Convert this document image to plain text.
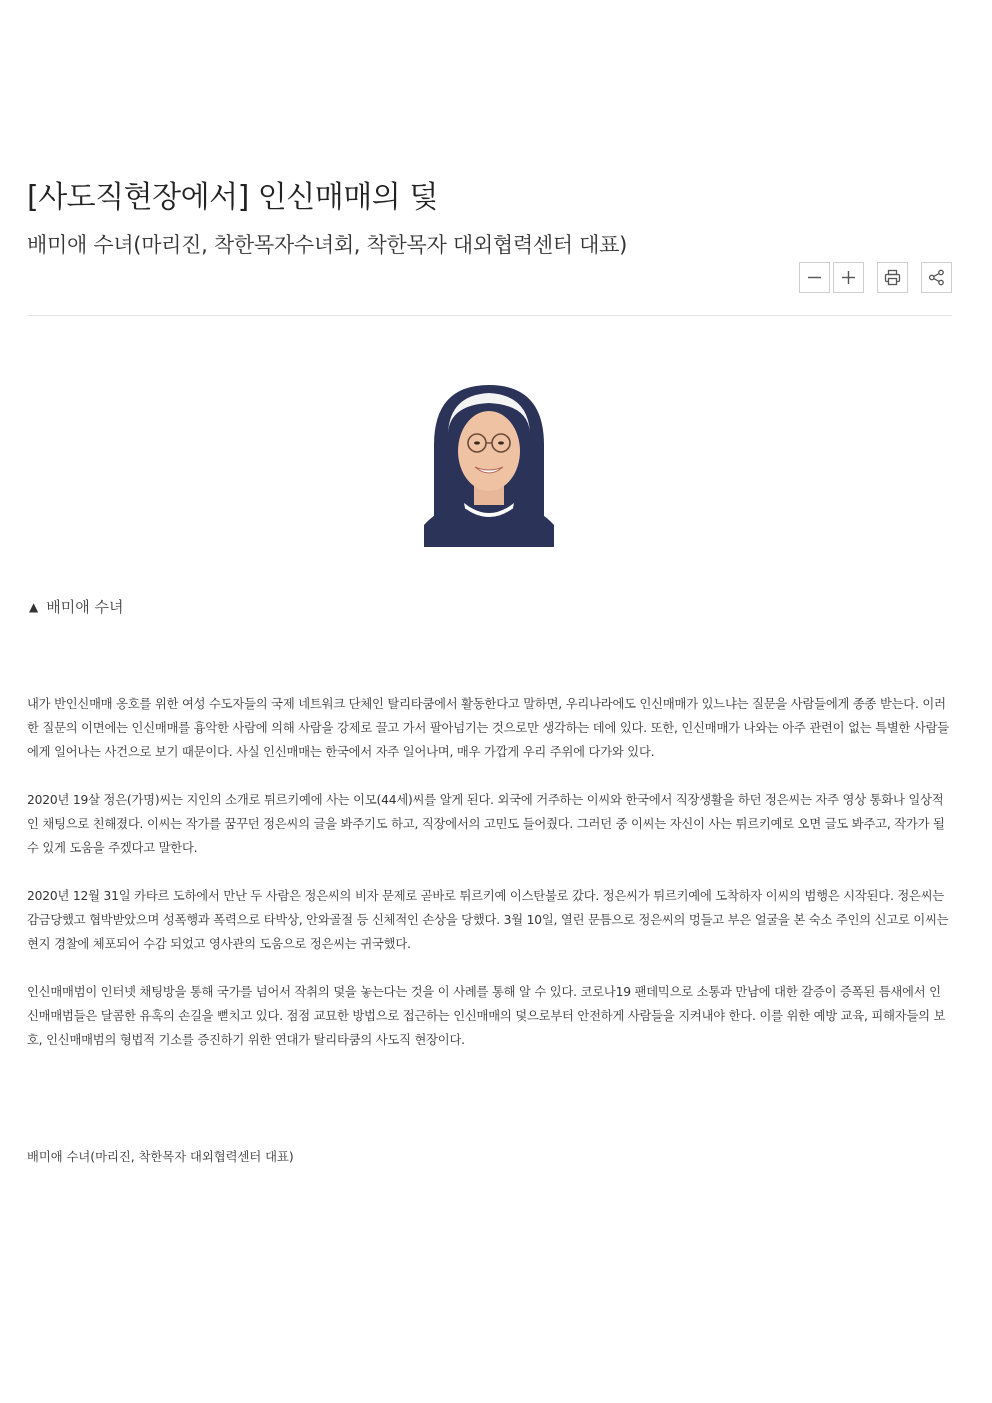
[사도직현장에서] 인신매매의 덫
배미애 수녀(마리진, 착한목자수녀회, 착한목자 대외협력센터 대표)
▲ 배미애 수녀

내가 반인신매매 옹호를 위한 여성 수도자들의 국제 네트워크 단체인 탈리타쿰에서 활동한다고 말하면, 우리나라에도 인신매매가 있느냐는 질문을 사람들에게 종종 받는다. 이러한 질문의 이면에는 인신매매를 흉악한 사람에 의해 사람을 강제로 끌고 가서 팔아넘기는 것으로만 생각하는 데에 있다. 또한, 인신매매가 나와는 아주 관련이 없는 특별한 사람들에게 일어나는 사건으로 보기 때문이다. 사실 인신매매는 한국에서 자주 일어나며, 매우 가깝게 우리 주위에 다가와 있다.

2020년 19살 정은(가명)씨는 지인의 소개로 튀르키예에 사는 이모(44세)씨를 알게 된다. 외국에 거주하는 이씨와 한국에서 직장생활을 하던 정은씨는 자주 영상 통화나 일상적인 채팅으로 친해졌다. 이씨는 작가를 꿈꾸던 정은씨의 글을 봐주기도 하고, 직장에서의 고민도 들어줬다. 그러던 중 이씨는 자신이 사는 튀르키예로 오면 글도 봐주고, 작가가 될 수 있게 도움을 주겠다고 말한다.

2020년 12월 31일 카타르 도하에서 만난 두 사람은 정은씨의 비자 문제로 곧바로 튀르키예 이스탄불로 갔다. 정은씨가 튀르키예에 도착하자 이씨의 범행은 시작된다. 정은씨는 감금당했고 협박받았으며 성폭행과 폭력으로 타박상, 안와골절 등 신체적인 손상을 당했다. 3월 10일, 열린 문틈으로 정은씨의 멍들고 부은 얼굴을 본 숙소 주인의 신고로 이씨는 현지 경찰에 체포되어 수감 되었고 영사관의 도움으로 정은씨는 귀국했다.

인신매매범이 인터넷 채팅방을 통해 국가를 넘어서 작취의 덫을 놓는다는 것을 이 사례를 통해 알 수 있다. 코로나19 팬데믹으로 소통과 만남에 대한 갈증이 증폭된 틈새에서 인신매매범들은 달콤한 유혹의 손길을 뻗치고 있다. 점점 교묘한 방법으로 접근하는 인신매매의 덫으로부터 안전하게 사람들을 지켜내야 한다. 이를 위한 예방 교육, 피해자들의 보호, 인신매매범의 형법적 기소를 증진하기 위한 연대가 탈리타쿰의 사도직 현장이다.

배미애 수녀(마리진, 착한목자 대외협력센터 대표)
